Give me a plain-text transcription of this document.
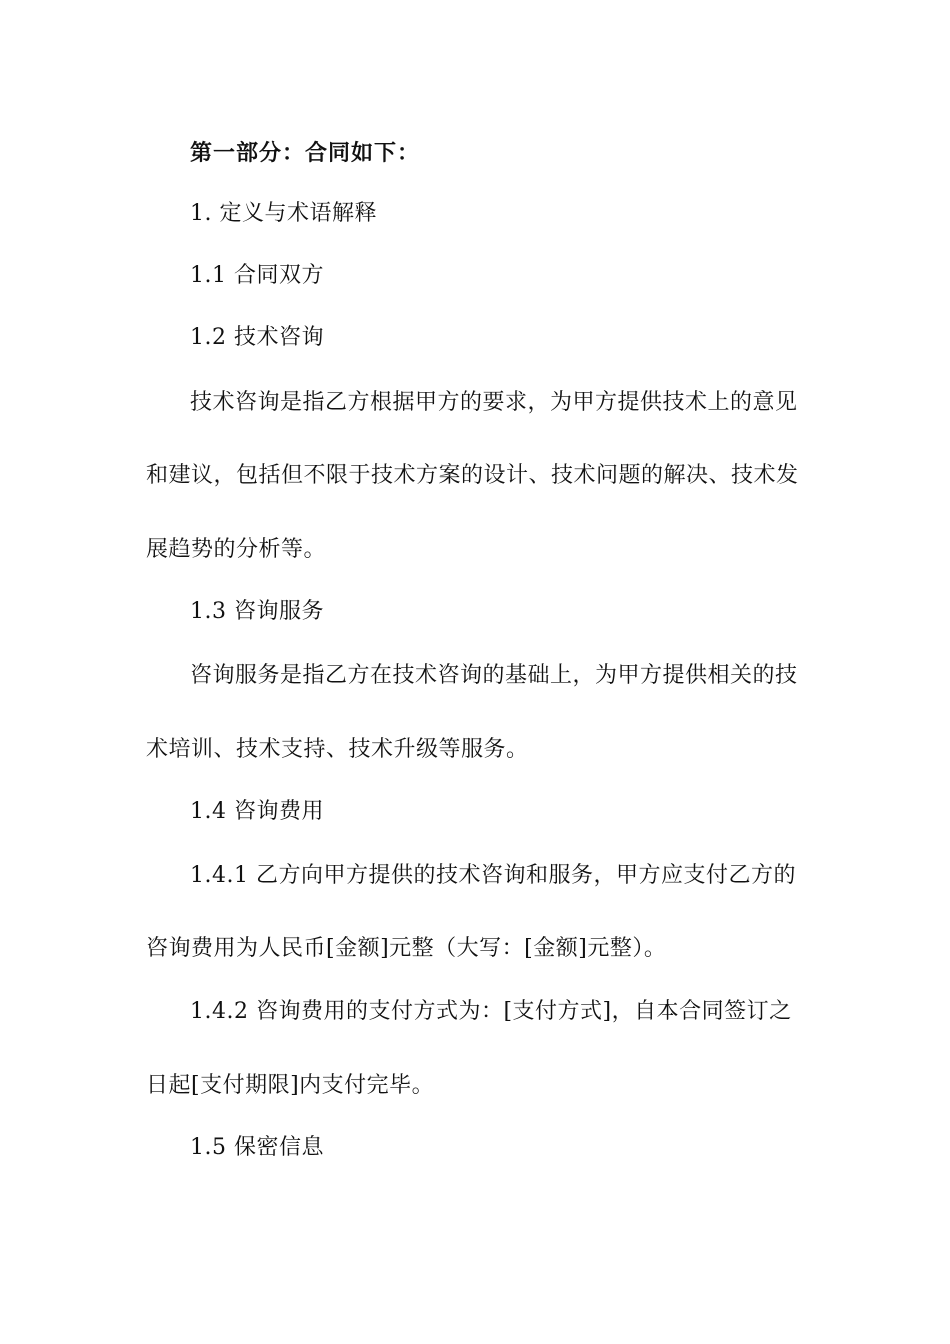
第一部分：合同如下：
1. 定义与术语解释
1.1 合同双方
1.2 技术咨询
技术咨询是指乙方根据甲方的要求，为甲方提供技术上的意见
和建议，包括但不限于技术方案的设计、技术问题的解决、技术发
展趋势的分析等。
1.3 咨询服务
咨询服务是指乙方在技术咨询的基础上，为甲方提供相关的技
术培训、技术支持、技术升级等服务。
1.4 咨询费用
1.4.1 乙方向甲方提供的技术咨询和服务，甲方应支付乙方的
咨询费用为人民币[金额]元整（大写：[金额]元整）。
1.4.2 咨询费用的支付方式为：[支付方式]，自本合同签订之
日起[支付期限]内支付完毕。
1.5 保密信息
